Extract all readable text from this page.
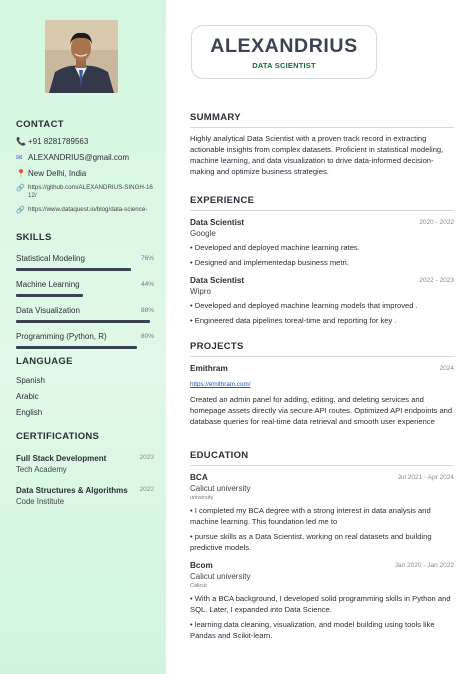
CONTACT
📞 +91 8281789563
✉ ALEXANDRIUS@gmail.com
📍 New Delhi, India
🔗 https://github.com/ALEXANDRIUS-SINGH-1612/
🔗 https://www.dataquest.io/blog/data-science-
SKILLS
Statistical Modeling	76%
Machine Learning	44%
Data Visualization	88%
Programming (Python, R)	80%
LANGUAGE
Spanish
Arabic
English
CERTIFICATIONS
Full Stack Development	2023
Tech Academy
Data Structures & Algorithms 2022
Code Institute
ALEXANDRIUS
DATA SCIENTIST
SUMMARY
Highly analytical Data Scientist with a proven track record in extracting actionable insights from complex datasets. Proficient in statistical modeling, machine learning, and data visualization to drive data-informed decision-making and optimize business strategies.
EXPERIENCE
Data Scientist	2020 - 2022
Google
• Developed and deployed machine learning rates.
• Designed and implementedap business metri.
Data Scientist	2022 - 2023
Wipro
• Developed and deployed machine learning models that improved .
• Engineered data pipelines toreal-time and reporting for key .
PROJECTS
Emithram	2024
https://emithram.com/
Created an admin panel for adding, editing, and deleting services and homepage assets directly via secure API routes. Optimized API endpoints and database queries for real-time data retrieval and smooth user experience
EDUCATION
BCA	Jul 2021 - Apr 2024
Calicut university
university
• I completed my BCA degree with a strong interest in data analysis and machine learning. This foundation led me to
• pursue skills as a Data Scientist, working on real datasets and building predictive models.
Bcom	Jan 2020 - Jan 2022
Calicut university
Calicut
• With a BCA background, I developed solid programming skills in Python and SQL. Later, I expanded into Data Science.
• learning data cleaning, visualization, and model building using tools like Pandas and Scikit-learn.
